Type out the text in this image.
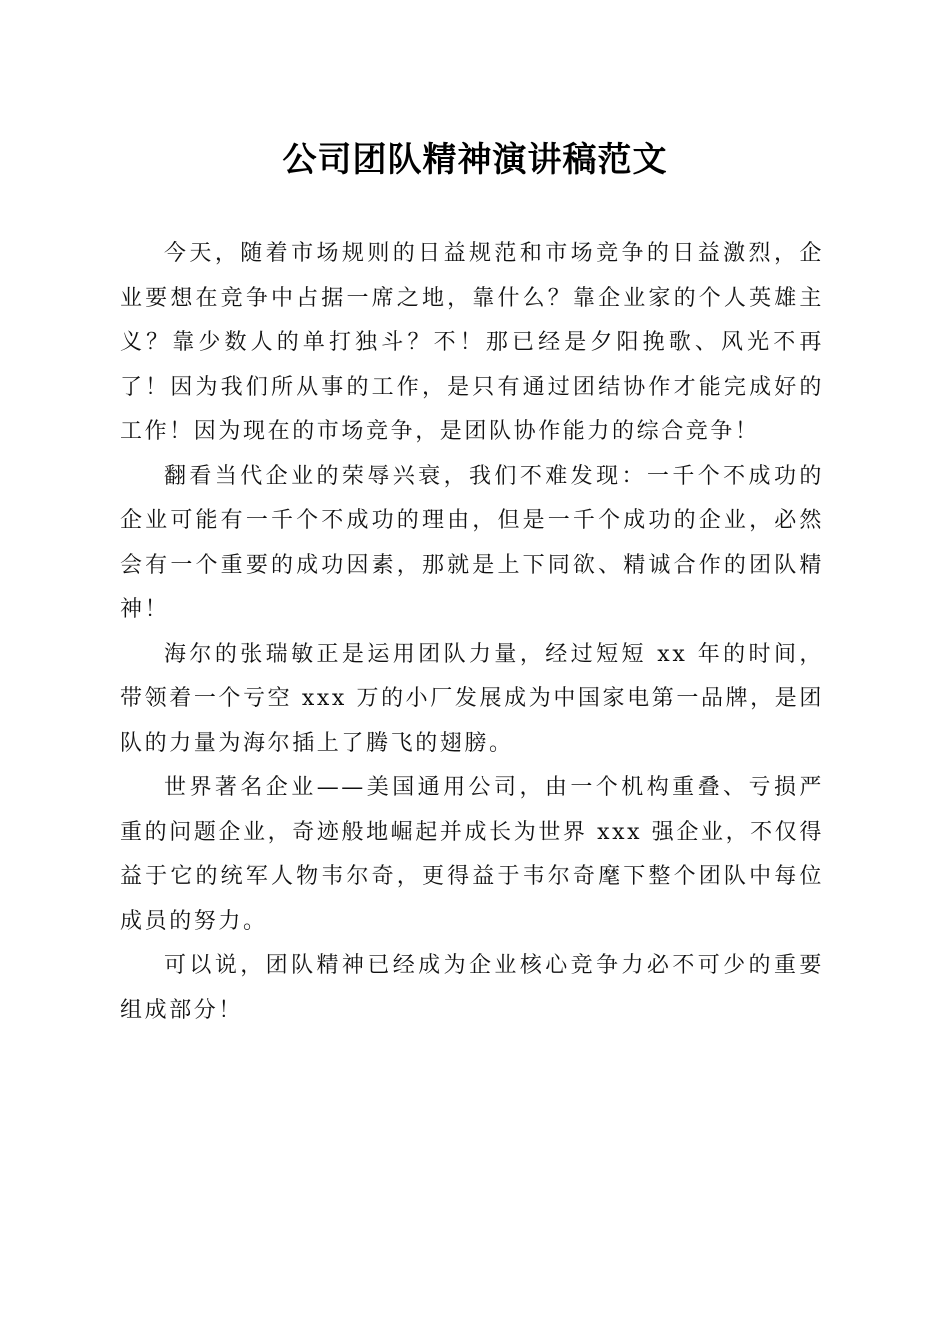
公司团队精神演讲稿范文

今天，随着市场规则的日益规范和市场竞争的日益激烈，企业要想在竞争中占据一席之地，靠什么？靠企业家的个人英雄主义？靠少数人的单打独斗？不！那已经是夕阳挽歌、风光不再了！因为我们所从事的工作，是只有通过团结协作才能完成好的工作！因为现在的市场竞争，是团队协作能力的综合竞争！

翻看当代企业的荣辱兴衰，我们不难发现：一千个不成功的企业可能有一千个不成功的理由，但是一千个成功的企业，必然会有一个重要的成功因素，那就是上下同欲、精诚合作的团队精神！

海尔的张瑞敏正是运用团队力量，经过短短 xx 年的时间，带领着一个亏空 xxx 万的小厂发展成为中国家电第一品牌，是团队的力量为海尔插上了腾飞的翅膀。

世界著名企业——美国通用公司，由一个机构重叠、亏损严重的问题企业，奇迹般地崛起并成长为世界 xxx 强企业，不仅得益于它的统军人物韦尔奇，更得益于韦尔奇麾下整个团队中每位成员的努力。

可以说，团队精神已经成为企业核心竞争力必不可少的重要组成部分！
